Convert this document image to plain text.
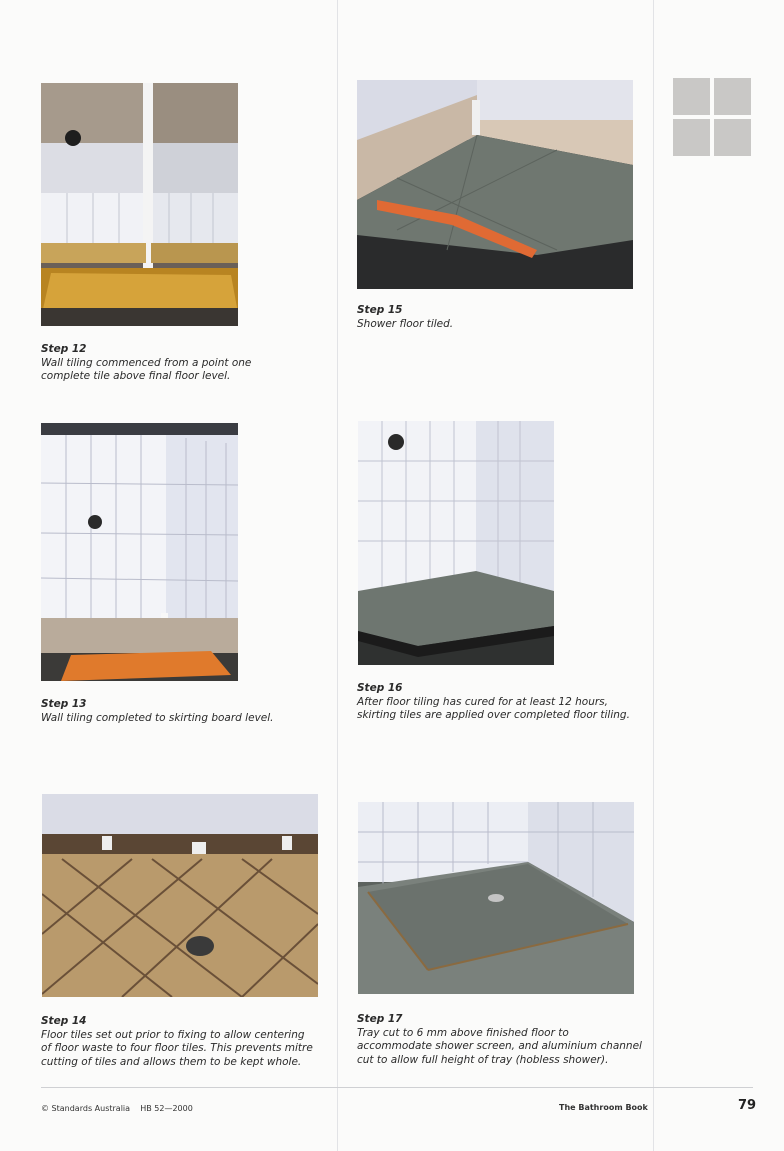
Step 12
Wall tiling commenced from a point one complete tile above final floor level.
Step 15
Shower floor tiled.
Step 13
Wall tiling completed to skirting board level.
Step 16
After floor tiling has cured for at least 12 hours, skirting tiles are applied over completed floor tiling.
Step 14
Floor tiles set out prior to fixing to allow centering of floor waste to four floor tiles. This prevents mitre cutting of tiles and allows them to be kept whole.
Step 17
Tray cut to 6 mm above finished floor to accommodate shower screen, and aluminium channel cut to allow full height of tray (hobless shower).
© Standards Australia HB 52—2000	The Bathroom Book	79
